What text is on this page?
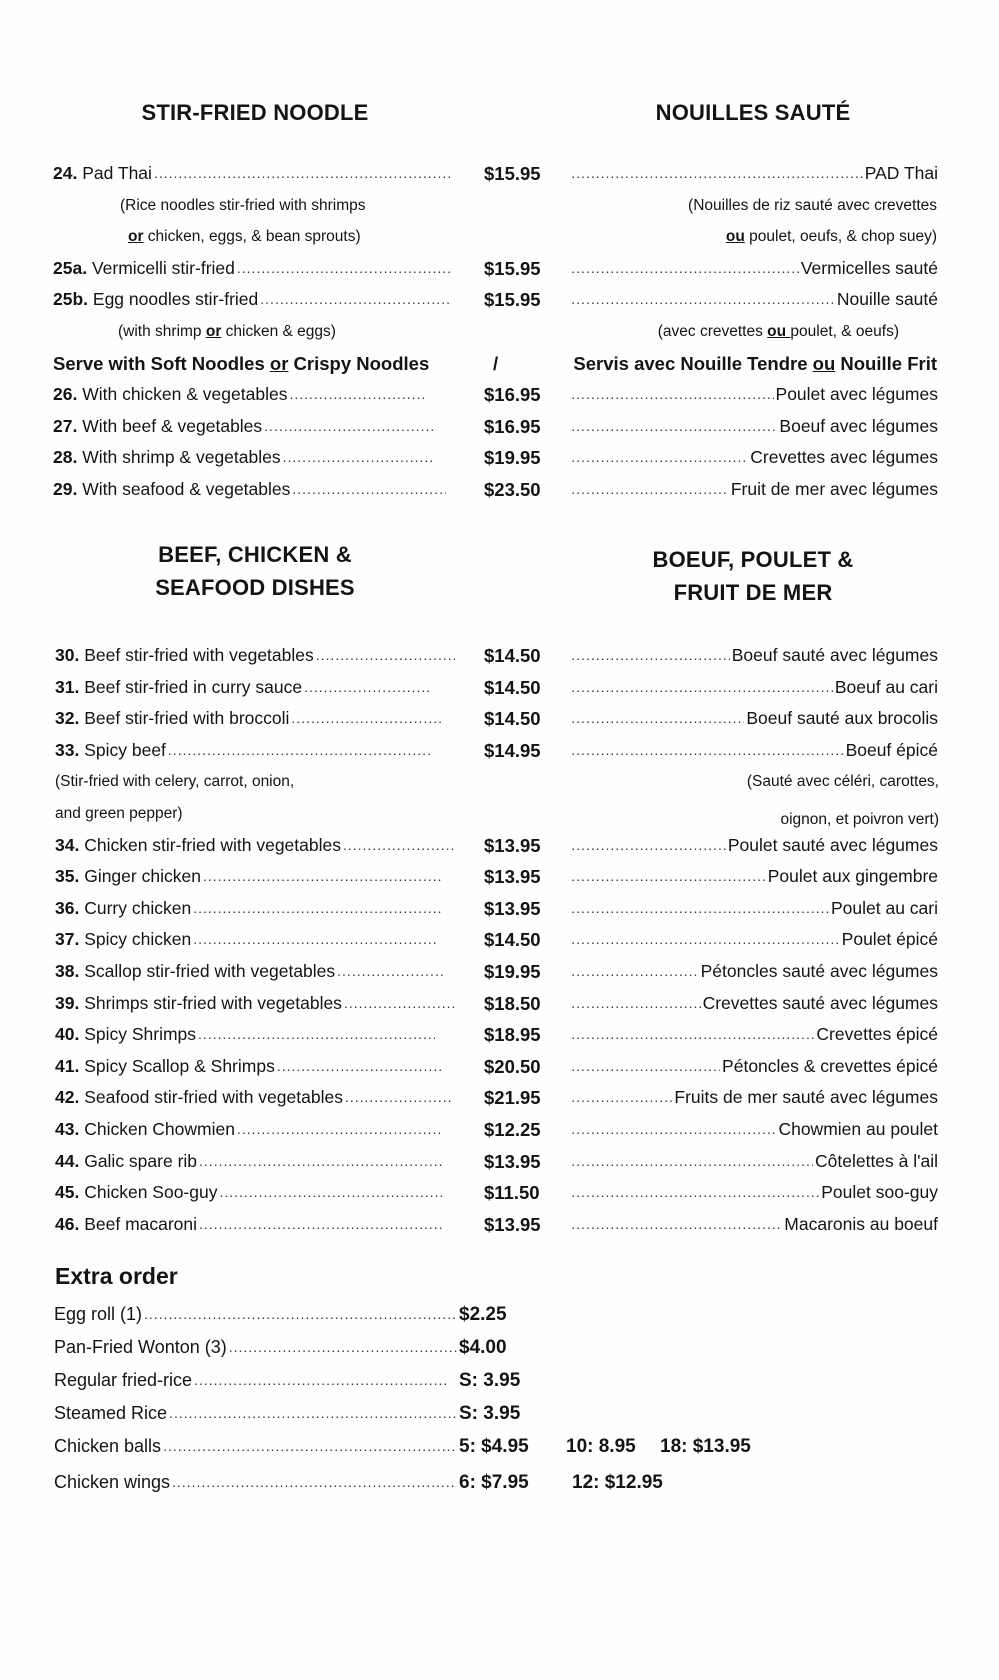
STIR-FRIED NOODLE	NOUILLES SAUTÉ
24. Pad Thai .....	$15.95	..... PAD Thai
(Rice noodles stir-fried with shrimps	(Nouilles de riz sauté avec crevettes
or chicken, eggs, & bean sprouts)	ou poulet, oeufs, & chop suey)
25a. Vermicelli stir-fried .....	$15.95	..... Vermicelles sauté
25b. Egg noodles stir-fried .....	$15.95	..... Nouille sauté
(with shrimp or chicken & eggs)	(avec crevettes ou poulet, & oeufs)
Serve with Soft Noodles or Crispy Noodles	/	Servis avec Nouille Tendre ou Nouille Frit
26. With chicken & vegetables .....	$16.95	..... Poulet avec légumes
27. With beef & vegetables .....	$16.95	..... Boeuf avec légumes
28. With shrimp & vegetables .....	$19.95	..... Crevettes avec légumes
29. With seafood & vegetables .....	$23.50	..... Fruit de mer avec légumes
BEEF, CHICKEN &
SEAFOOD DISHES
BOEUF, POULET &
FRUIT DE MER
30. Beef stir-fried with vegetables .....	$14.50	..... Boeuf sauté avec légumes
31. Beef stir-fried in curry sauce .....	$14.50	..... Boeuf au cari
32. Beef stir-fried with broccoli .....	$14.50	..... Boeuf sauté aux brocolis
33. Spicy beef .....	$14.95	..... Boeuf épicé
(Stir-fried with celery, carrot, onion,	(Sauté avec céléri, carottes,
and green pepper)	oignon, et poivron vert)
34. Chicken stir-fried with vegetables .....	$13.95	..... Poulet sauté avec légumes
35. Ginger chicken .....	$13.95	..... Poulet aux gingembre
36. Curry chicken .....	$13.95	..... Poulet au cari
37. Spicy chicken .....	$14.50	..... Poulet épicé
38. Scallop stir-fried with vegetables .....	$19.95	..... Pétoncles sauté avec légumes
39. Shrimps stir-fried with vegetables .....	$18.50	..... Crevettes sauté avec légumes
40. Spicy Shrimps .....	$18.95	..... Crevettes épicé
41. Spicy Scallop & Shrimps .....	$20.50	..... Pétoncles & crevettes épicé
42. Seafood stir-fried with vegetables .....	$21.95	..... Fruits de mer sauté avec légumes
43. Chicken Chowmien .....	$12.25	..... Chowmien au poulet
44. Galic spare rib .....	$13.95	..... Côtelettes à l'ail
45. Chicken Soo-guy .....	$11.50	..... Poulet soo-guy
46. Beef macaroni .....	$13.95	..... Macaronis au boeuf
Extra order
Egg roll (1) .....	$2.25
Pan-Fried Wonton (3) .....	$4.00
Regular fried-rice .....	S: 3.95
Steamed Rice .....	S: 3.95
Chicken balls .....	5: $4.95 10: 8.95 18: $13.95
Chicken wings .....	6: $7.95 12: $12.95
